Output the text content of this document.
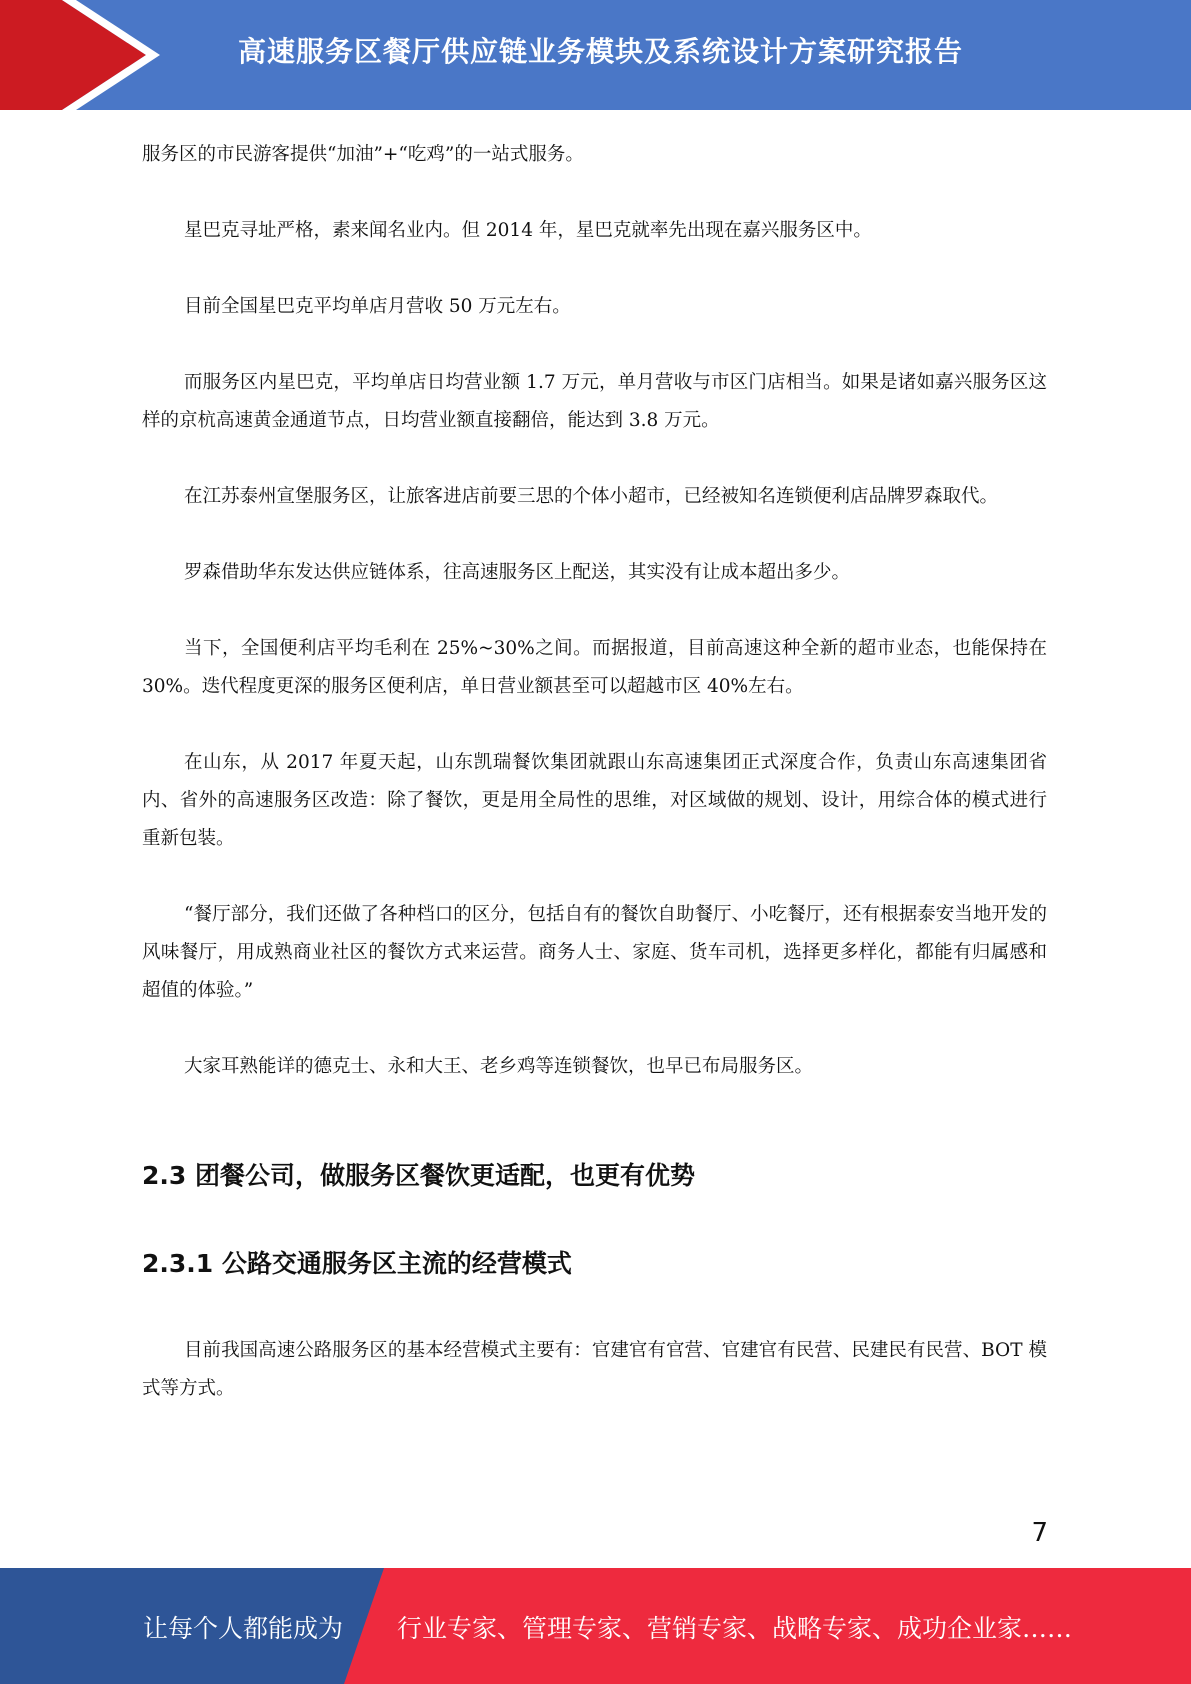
高速服务区餐厅供应链业务模块及系统设计方案研究报告

服务区的市民游客提供“加油”+“吃鸡”的一站式服务。

星巴克寻址严格，素来闻名业内。但 2014 年，星巴克就率先出现在嘉兴服务区中。

目前全国星巴克平均单店月营收 50 万元左右。

而服务区内星巴克，平均单店日均营业额 1.7 万元，单月营收与市区门店相当。如果是诸如嘉兴服务区这样的京杭高速黄金通道节点，日均营业额直接翻倍，能达到 3.8 万元。

在江苏泰州宣堡服务区，让旅客进店前要三思的个体小超市，已经被知名连锁便利店品牌罗森取代。

罗森借助华东发达供应链体系，往高速服务区上配送，其实没有让成本超出多少。

当下，全国便利店平均毛利在 25%~30%之间。而据报道，目前高速这种全新的超市业态，也能保持在 30%。迭代程度更深的服务区便利店，单日营业额甚至可以超越市区 40%左右。

在山东，从 2017 年夏天起，山东凯瑞餐饮集团就跟山东高速集团正式深度合作，负责山东高速集团省内、省外的高速服务区改造：除了餐饮，更是用全局性的思维，对区域做的规划、设计，用综合体的模式进行重新包装。

“餐厅部分，我们还做了各种档口的区分，包括自有的餐饮自助餐厅、小吃餐厅，还有根据泰安当地开发的风味餐厅，用成熟商业社区的餐饮方式来运营。商务人士、家庭、货车司机，选择更多样化，都能有归属感和超值的体验。”

大家耳熟能详的德克士、永和大王、老乡鸡等连锁餐饮，也早已布局服务区。

2.3 团餐公司，做服务区餐饮更适配，也更有优势
2.3.1 公路交通服务区主流的经营模式

目前我国高速公路服务区的基本经营模式主要有：官建官有官营、官建官有民营、民建民有民营、BOT 模式等方式。

7
让每个人都能成为 行业专家、管理专家、营销专家、战略专家、成功企业家……
